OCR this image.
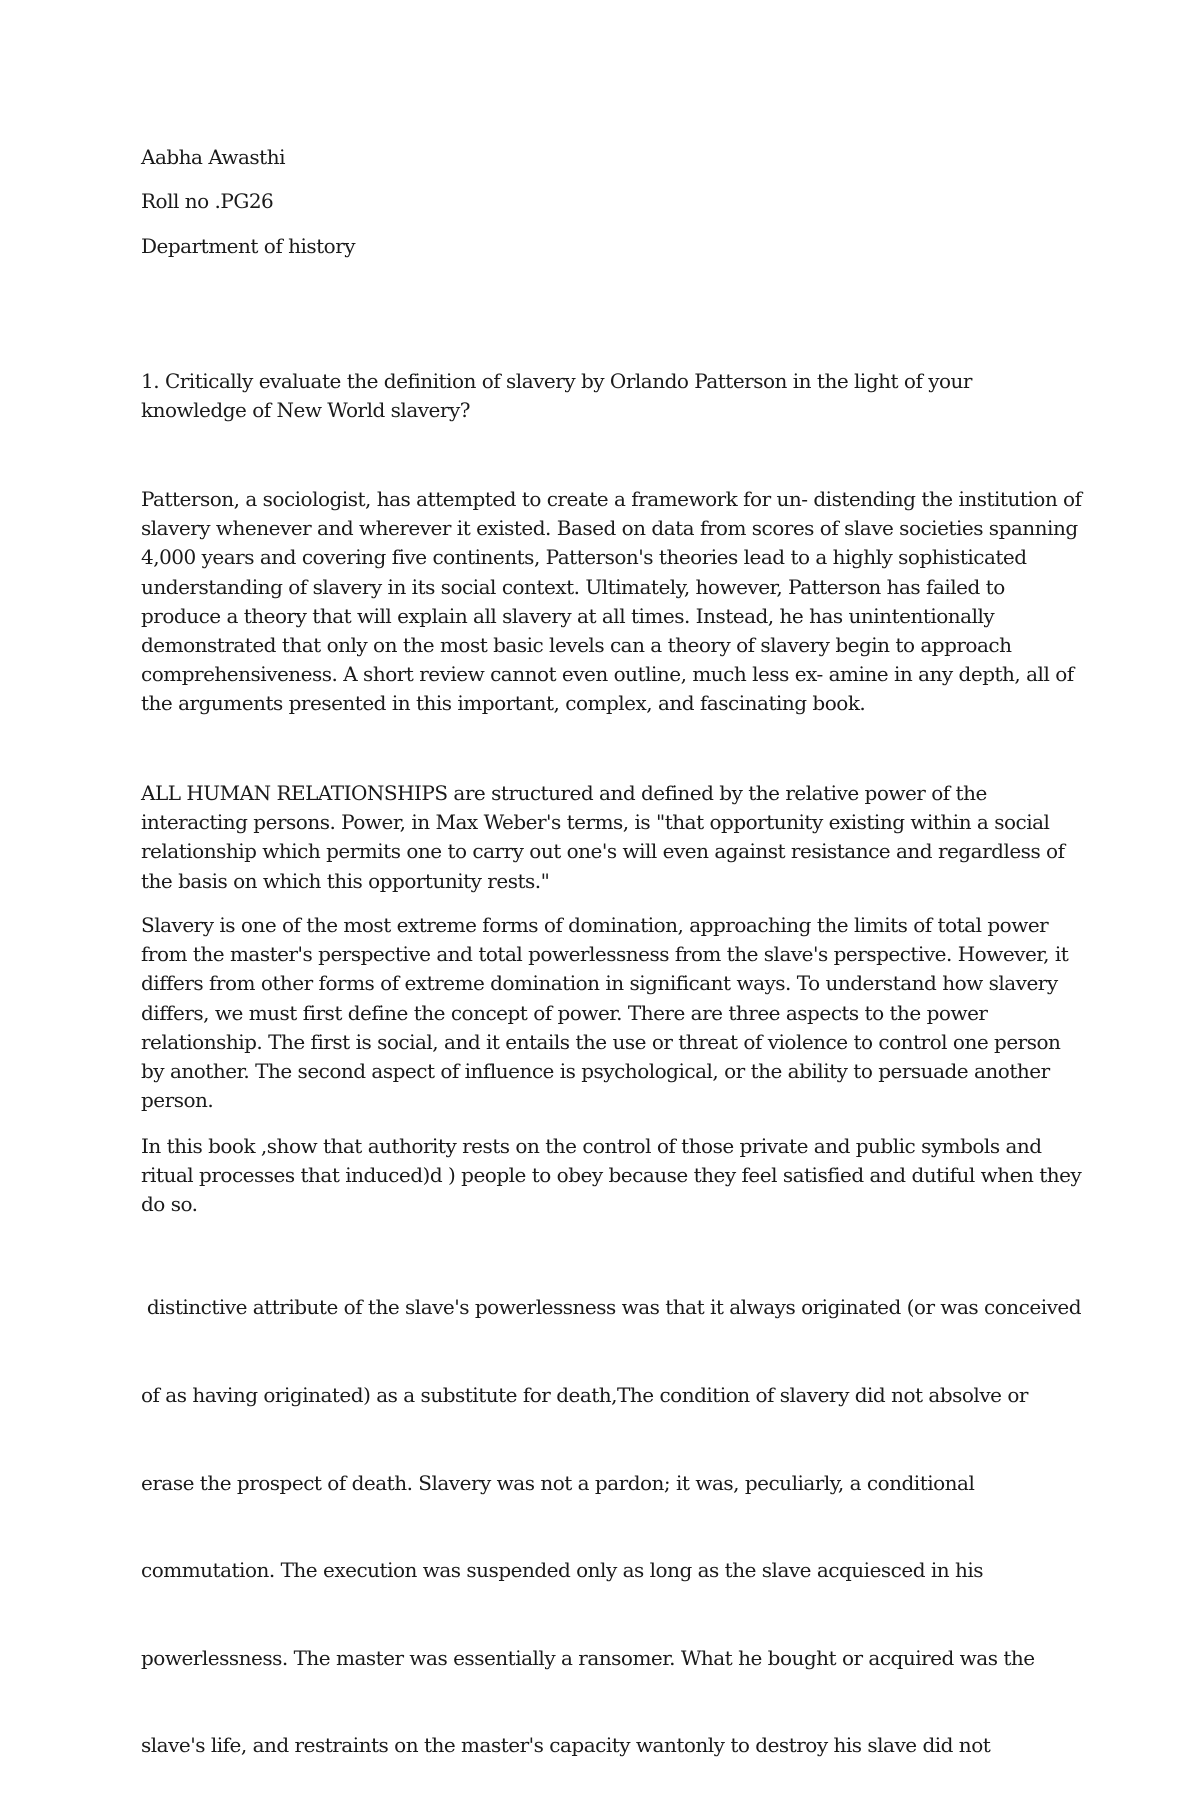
Aabha Awasthi

Roll no .PG26

Department of history

1. Critically evaluate the definition of slavery by Orlando Patterson in the light of your
knowledge of New World slavery?
Patterson, a sociologist, has attempted to create a framework for un- distending the institution of
slavery whenever and wherever it existed. Based on data from scores of slave societies spanning
4,000 years and covering five continents, Patterson's theories lead to a highly sophisticated
understanding of slavery in its social context. Ultimately, however, Patterson has failed to
produce a theory that will explain all slavery at all times. Instead, he has unintentionally
demonstrated that only on the most basic levels can a theory of slavery begin to approach
comprehensiveness. A short review cannot even outline, much less ex- amine in any depth, all of
the arguments presented in this important, complex, and fascinating book.
ALL HUMAN RELATIONSHIPS are structured and defined by the relative power of the
interacting persons. Power, in Max Weber's terms, is "that opportunity existing within a social
relationship which permits one to carry out one's will even against resistance and regardless of
the basis on which this opportunity rests."
Slavery is one of the most extreme forms of domination, approaching the limits of total power
from the master's perspective and total powerlessness from the slave's perspective. However, it
differs from other forms of extreme domination in significant ways. To understand how slavery
differs, we must first define the concept of power. There are three aspects to the power
relationship. The first is social, and it entails the use or threat of violence to control one person
by another. The second aspect of influence is psychological, or the ability to persuade another
person.
In this book ,show that authority rests on the control of those private and public symbols and
ritual processes that induced)d ) people to obey because they feel satisfied and dutiful when they
do so.

distinctive attribute of the slave's powerlessness was that it always originated (or was conceived

of as having originated) as a substitute for death,The condition of slavery did not absolve or

erase the prospect of death. Slavery was not a pardon; it was, peculiarly, a conditional

commutation. The execution was suspended only as long as the slave acquiesced in his

powerlessness. The master was essentially a ransomer. What he bought or acquired was the

slave's life, and restraints on the master's capacity wantonly to destroy his slave did not
